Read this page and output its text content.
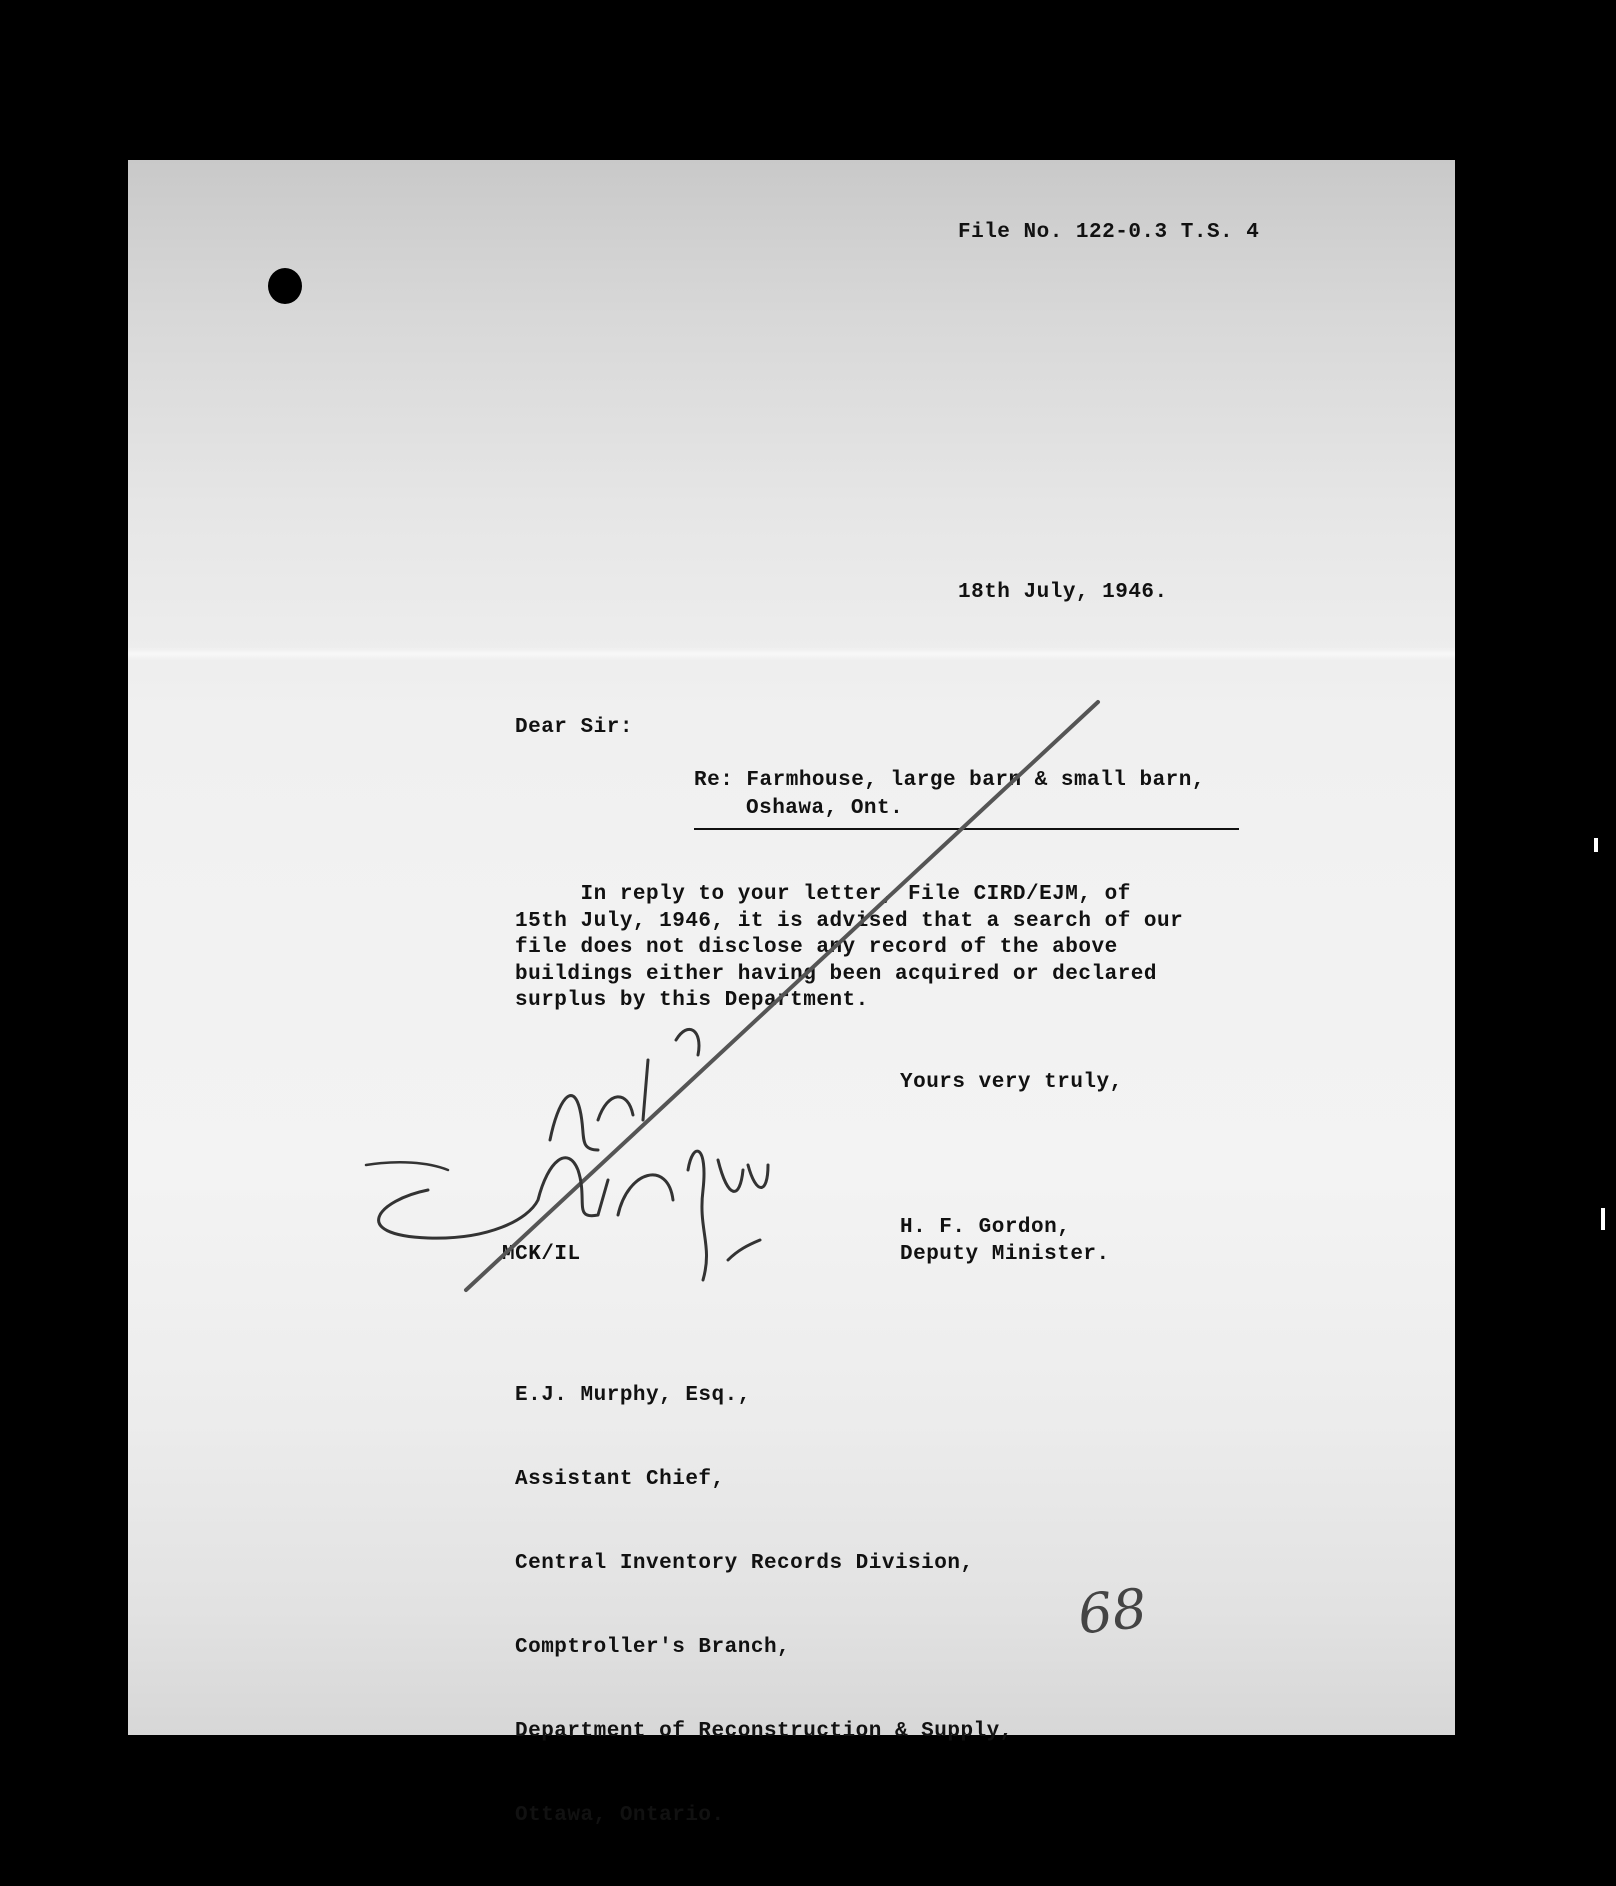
File No. 122-0.3 T.S. 4
18th July, 1946.
Dear Sir:
Re: Farmhouse, large barn & small barn,
Oshawa, Ont.
In reply to your letter, File CIRD/EJM, of
15th July, 1946, it is advised that a search of our
file does not disclose any record of the above
buildings either having been acquired or declared
surplus by this Department.
Yours very truly,
H. F. Gordon,
Deputy Minister.
MCK/IL

E.J. Murphy, Esq.,

Assistant Chief,

Central Inventory Records Division,

Comptroller's Branch,

Department of Reconstruction & Supply,

Ottawa, Ontario.

68
